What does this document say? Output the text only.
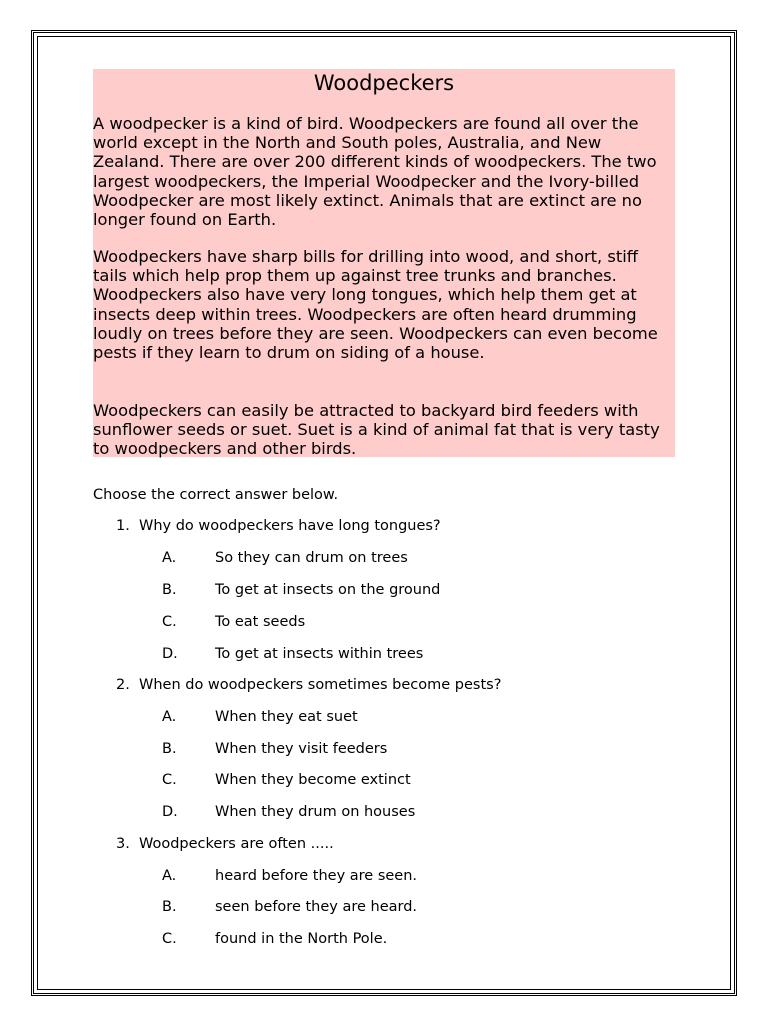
Woodpeckers

A woodpecker is a kind of bird. Woodpeckers are found all over the world except in the North and South poles, Australia, and New Zealand. There are over 200 different kinds of woodpeckers. The two largest woodpeckers, the Imperial Woodpecker and the Ivory-billed Woodpecker are most likely extinct. Animals that are extinct are no longer found on Earth.

Woodpeckers have sharp bills for drilling into wood, and short, stiff tails which help prop them up against tree trunks and branches. Woodpeckers also have very long tongues, which help them get at insects deep within trees. Woodpeckers are often heard drumming loudly on trees before they are seen. Woodpeckers can even become pests if they learn to drum on siding of a house.

Woodpeckers can easily be attracted to backyard bird feeders with sunflower seeds or suet. Suet is a kind of animal fat that is very tasty to woodpeckers and other birds.

Choose the correct answer below.
1. Why do woodpeckers have long tongues?
A.	So they can drum on trees
B.	To get at insects on the ground
C.	To eat seeds
D.	To get at insects within trees
2. When do woodpeckers sometimes become pests?
A.	When they eat suet
B.	When they visit feeders
C.	When they become extinct
D.	When they drum on houses
3. Woodpeckers are often .....
A.	heard before they are seen.
B.	seen before they are heard.
C.	found in the North Pole.
